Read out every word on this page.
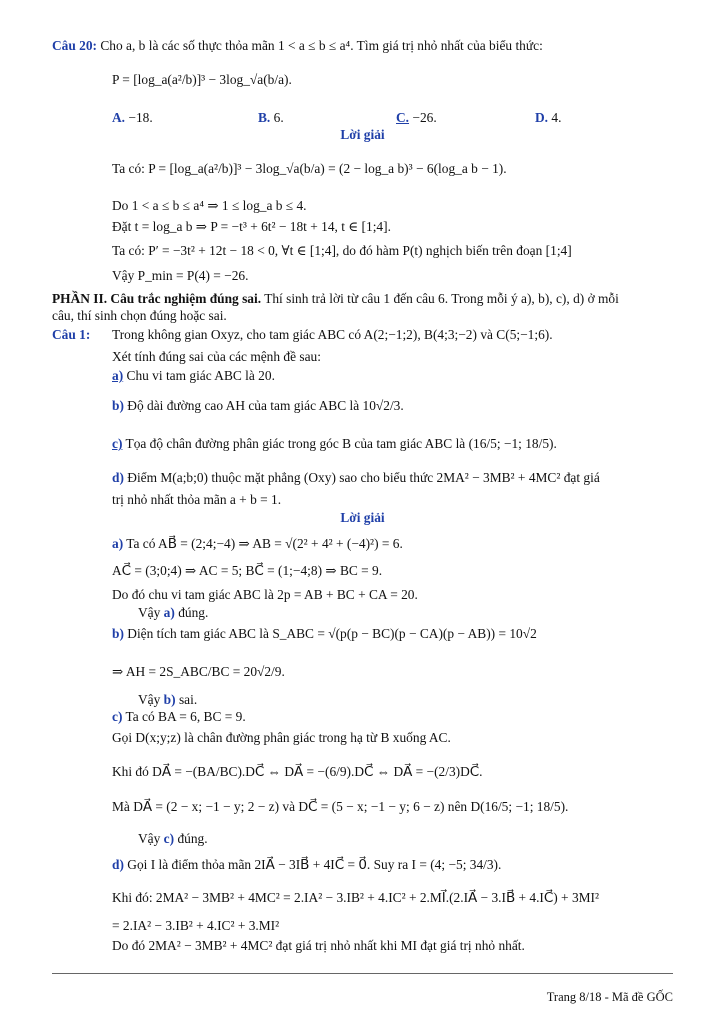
Câu 20: Cho a, b là các số thực thỏa mãn 1 < a ≤ b ≤ a⁴. Tìm giá trị nhỏ nhất của biểu thức:
P = [log_a(a²/b)]³ − 3log_√a(b/a).
A. −18.	B. 6.	C. −26.	D. 4.
Lời giải
Ta có: P = [log_a(a²/b)]³ − 3log_√a(b/a) = (2 − log_a b)³ − 6(log_a b − 1).
Do 1 < a ≤ b ≤ a⁴ ⇒ 1 ≤ log_a b ≤ 4.
Đặt t = log_a b ⇒ P = −t³ + 6t² − 18t + 14, t ∈ [1;4].
Ta có: P′ = −3t² + 12t − 18 < 0, ∀t ∈ [1;4], do đó hàm P(t) nghịch biến trên đoạn [1;4]
Vậy P_min = P(4) = −26.
PHẦN II. Câu trắc nghiệm đúng sai. Thí sinh trả lời từ câu 1 đến câu 6. Trong mỗi ý a), b), c), d) ở mỗi
câu, thí sinh chọn đúng hoặc sai.
Câu 1: Trong không gian Oxyz, cho tam giác ABC có A(2;−1;2), B(4;3;−2) và C(5;−1;6).
Xét tính đúng sai của các mệnh đề sau:
a) Chu vi tam giác ABC là 20.
b) Độ dài đường cao AH của tam giác ABC là 10√2/3.
c) Tọa độ chân đường phân giác trong góc B của tam giác ABC là (16/5; −1; 18/5).
d) Điểm M(a;b;0) thuộc mặt phẳng (Oxy) sao cho biểu thức 2MA² − 3MB² + 4MC² đạt giá
trị nhỏ nhất thỏa mãn a + b = 1.
Lời giải
a) Ta có AB⃗ = (2;4;−4) ⇒ AB = √(2² + 4² + (−4)²) = 6.
AC⃗ = (3;0;4) ⇒ AC = 5; BC⃗ = (1;−4;8) ⇒ BC = 9.
Do đó chu vi tam giác ABC là 2p = AB + BC + CA = 20.
Vậy a) đúng.
b) Diện tích tam giác ABC là S_ABC = √(p(p − BC)(p − CA)(p − AB)) = 10√2
⇒ AH = 2S_ABC/BC = 20√2/9.
Vậy b) sai.
c) Ta có BA = 6, BC = 9.
Gọi D(x;y;z) là chân đường phân giác trong hạ từ B xuống AC.
Khi đó DA⃗ = −(BA/BC).DC⃗ ⇔ DA⃗ = −(6/9).DC⃗ ⇔ DA⃗ = −(2/3)DC⃗.
Mà DA⃗ = (2 − x; −1 − y; 2 − z) và DC⃗ = (5 − x; −1 − y; 6 − z) nên D(16/5; −1; 18/5).
Vậy c) đúng.
d) Gọi I là điểm thỏa mãn 2IA⃗ − 3IB⃗ + 4IC⃗ = 0⃗. Suy ra I = (4; −5; 34/3).
Khi đó: 2MA² − 3MB² + 4MC² = 2.IA² − 3.IB² + 4.IC² + 2.MI⃗.(2.IA⃗ − 3.IB⃗ + 4.IC⃗) + 3MI²
= 2.IA² − 3.IB² + 4.IC² + 3.MI²
Do đó 2MA² − 3MB² + 4MC² đạt giá trị nhỏ nhất khi MI đạt giá trị nhỏ nhất.
Trang 8/18 - Mã đề GỐC
